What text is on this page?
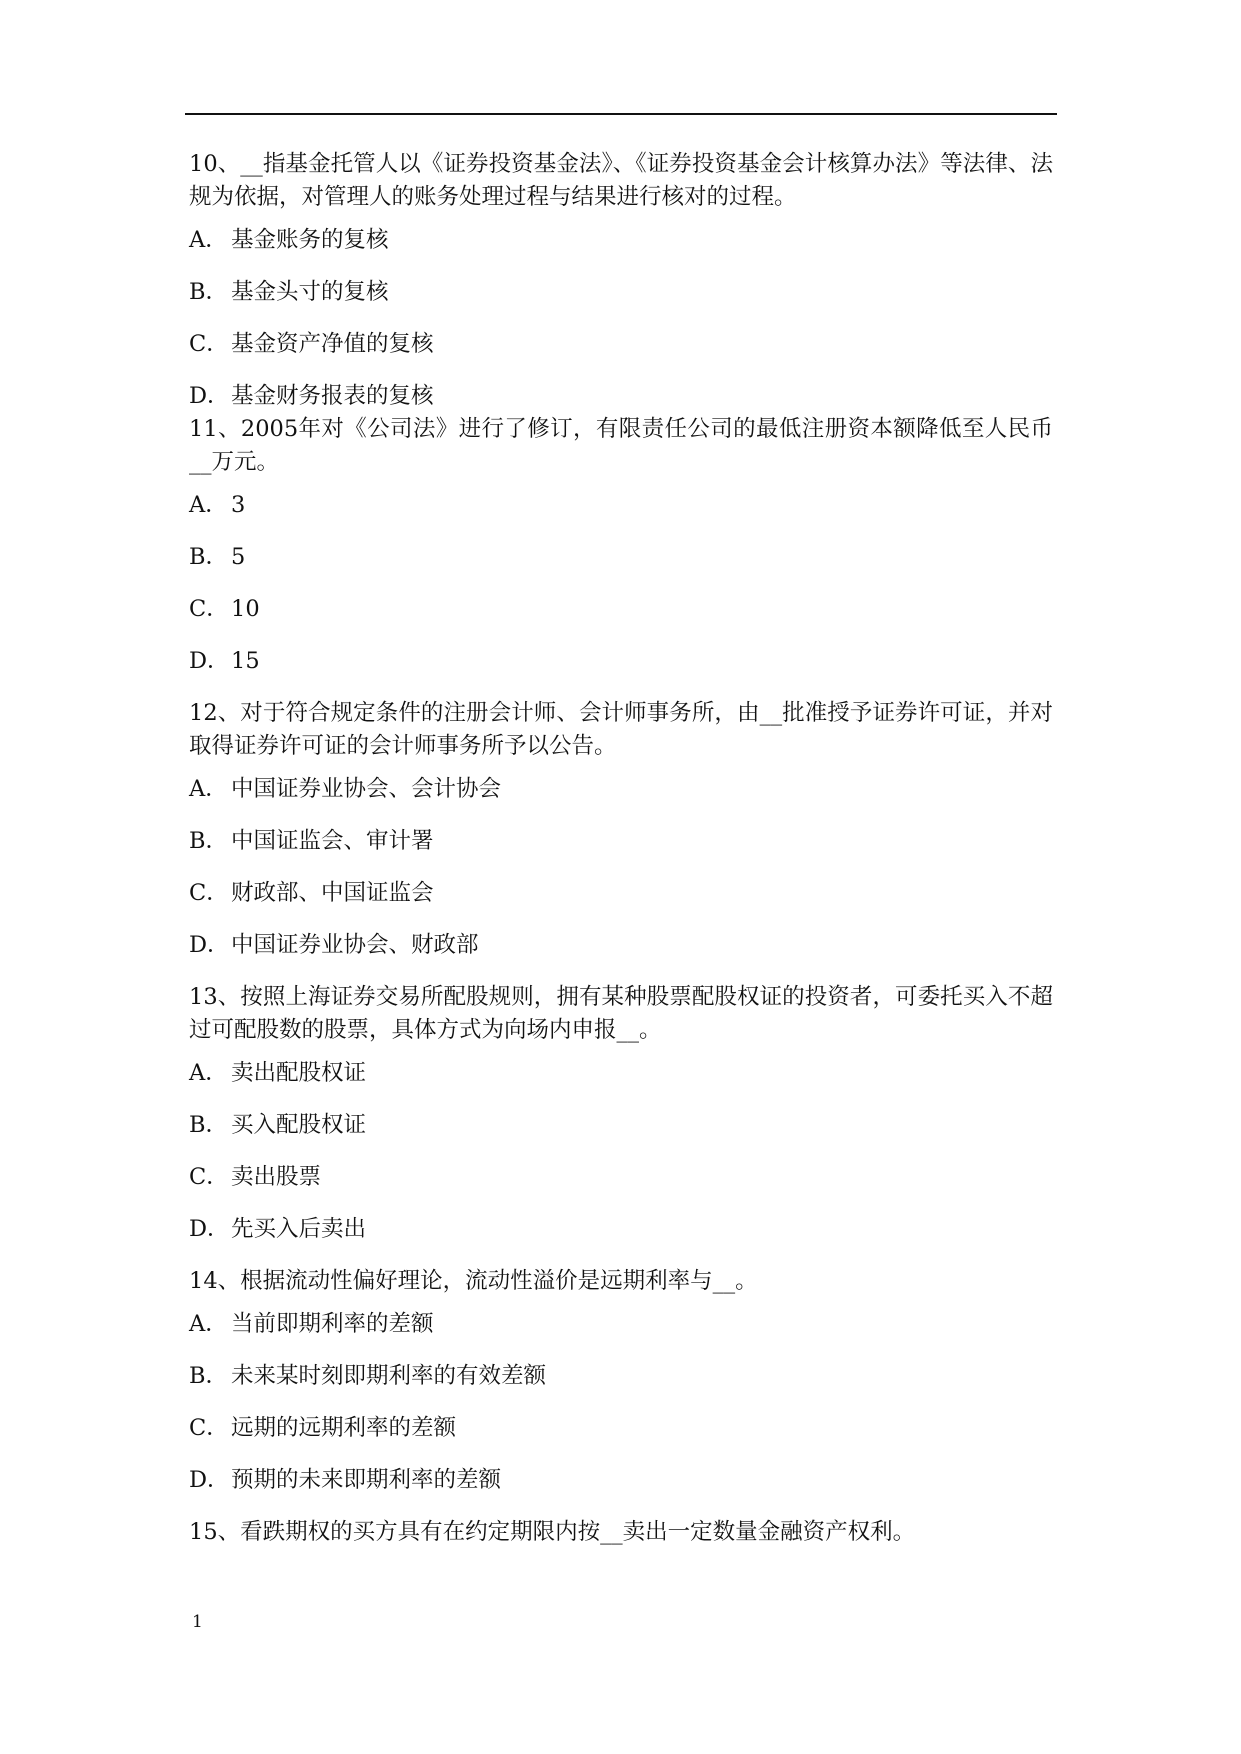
10、__指基金托管人以《证券投资基金法》、《证券投资基金会计核算办法》等法律、法规为依据，对管理人的账务处理过程与结果进行核对的过程。

A． 基金账务的复核
B． 基金头寸的复核
C． 基金资产净值的复核
D．基金财务报表的复核

11、2005年对《公司法》进行了修订，有限责任公司的最低注册资本额降低至人民币__万元。

A． 3
B． 5
C． 10
D．15

12、对于符合规定条件的注册会计师、会计师事务所，由__批准授予证券许可证，并对取得证券许可证的会计师事务所予以公告。

A． 中国证券业协会、会计协会
B． 中国证监会、审计署
C． 财政部、中国证监会
D．中国证券业协会、财政部

13、按照上海证券交易所配股规则，拥有某种股票配股权证的投资者，可委托买入不超过可配股数的股票，具体方式为向场内申报__。

A． 卖出配股权证
B． 买入配股权证
C． 卖出股票
D．先买入后卖出

14、根据流动性偏好理论，流动性溢价是远期利率与__。

A． 当前即期利率的差额
B． 未来某时刻即期利率的有效差额
C． 远期的远期利率的差额
D．预期的未来即期利率的差额

15、看跌期权的买方具有在约定期限内按__卖出一定数量金融资产权利。

1
